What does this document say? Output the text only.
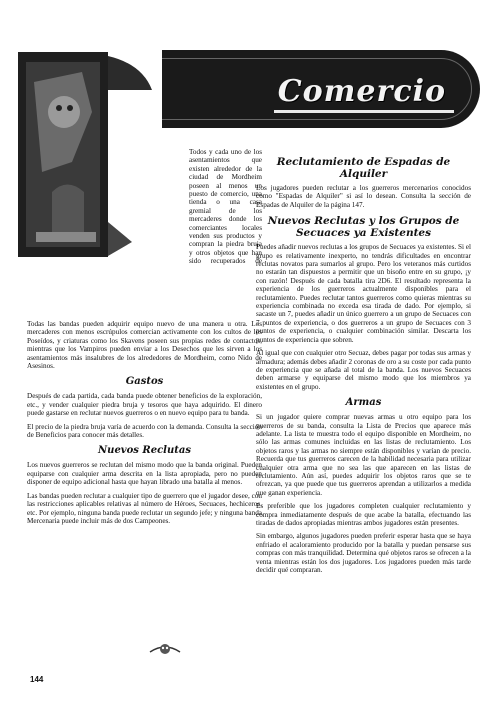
Comercio

Todos y cada uno de los asentamientos que existen alrededor de la ciudad de Mordheim poseen al menos un puesto de comercio, una tienda o una casa gremial de los mercaderes donde los comerciantes locales venden sus productos y compran la piedra bruja y otros objetos que han sido recuperados de

Todas las bandas pueden adquirir equipo nuevo de una manera u otra. Los mercaderes con menos escrúpulos comercian activamente con los cultos de los Poseídos, y criaturas como los Skavens poseen sus propias redes de contactos, mientras que los Vampiros pueden enviar a los Desechos que les sirven a los asentamientos más insalubres de los alrededores de Mordheim, como Nido de Asesinos.

Gastos

Después de cada partida, cada banda puede obtener beneficios de la exploración, etc., y vender cualquier piedra bruja y tesoros que haya adquirido. El dinero puede gastarse en reclutar nuevos guerreros o en nuevo equipo para tu banda.

El precio de la piedra bruja varía de acuerdo con la demanda. Consulta la sección de Beneficios para conocer más detalles.

Nuevos Reclutas

Los nuevos guerreros se reclutan del mismo modo que la banda original. Pueden equiparse con cualquier arma descrita en la lista apropiada, pero no pueden disponer de equipo adicional hasta que hayan librado una batalla al menos.

Las bandas pueden reclutar a cualquier tipo de guerrero que el jugador desee, con las restricciones aplicables relativas al número de Héroes, Secuaces, hechiceros, etc. Por ejemplo, ninguna banda puede reclutar un segundo jefe; y ninguna banda Mercenaria puede incluir más de dos Campeones.

Reclutamiento de Espadas de Alquiler

Los jugadores pueden reclutar a los guerreros mercenarios conocidos como "Espadas de Alquiler" si así lo desean. Consulta la sección de Espadas de Alquiler de la página 147.

Nuevos Reclutas y los Grupos de Secuaces ya Existentes

Puedes añadir nuevos reclutas a los grupos de Secuaces ya existentes. Si el grupo es relativamente inexperto, no tendrás dificultades en encontrar reclutas novatos para sumarlos al grupo. Pero los veteranos más curtidos no estarán tan dispuestos a permitir que un bisoño entre en su grupo, ¡y con razón! Después de cada batalla tira 2D6. El resultado representa la experiencia de los guerreros actualmente disponibles para el reclutamiento. Puedes reclutar tantos guerreros como quieras mientras su experiencia combinada no exceda esa tirada de dado. Por ejemplo, si sacaste un 7, puedes añadir un único guerrero a un grupo de Secuaces con 7 puntos de experiencia, o dos guerreros a un grupo de Secuaces con 3 puntos de experiencia, o cualquier combinación similar. Descarta los puntos de experiencia que sobren.

Al igual que con cualquier otro Secuaz, debes pagar por todas sus armas y armadura; además debes añadir 2 coronas de oro a su coste por cada punto de experiencia que se añada al total de la banda. Los nuevos Secuaces deben armarse y equiparse del mismo modo que los miembros ya existentes en el grupo.

Armas

Si un jugador quiere comprar nuevas armas u otro equipo para los guerreros de su banda, consulta la Lista de Precios que aparece más adelante. La lista te muestra todo el equipo disponible en Mordheim, no sólo las armas comunes incluidas en las listas de reclutamiento. Los objetos raros y las armas no siempre están disponibles y varían de precio. Recuerda que tus guerreros carecen de la habilidad necesaria para utilizar cualquier otra arma que no sea las que aparecen en las listas de reclutamiento. Aún así, puedes adquirir los objetos raros que se te ofrezcan, ya que puede que tus guerreros aprendan a utilizarlos a medida que ganan experiencia.

Es preferible que los jugadores completen cualquier reclutamiento y compra inmediatamente después de que acabe la batalla, efectuando las tiradas de dados apropiadas mientras ambos jugadores están presentes.

Sin embargo, algunos jugadores pueden preferir esperar hasta que se haya enfriado el acaloramiento producido por la batalla y puedan pensarse sus compras con más tranquilidad. Determina qué objetos raros se ofrecen a la venta mientras están los dos jugadores. Los jugadores pueden más tarde decidir qué compraran.

144
